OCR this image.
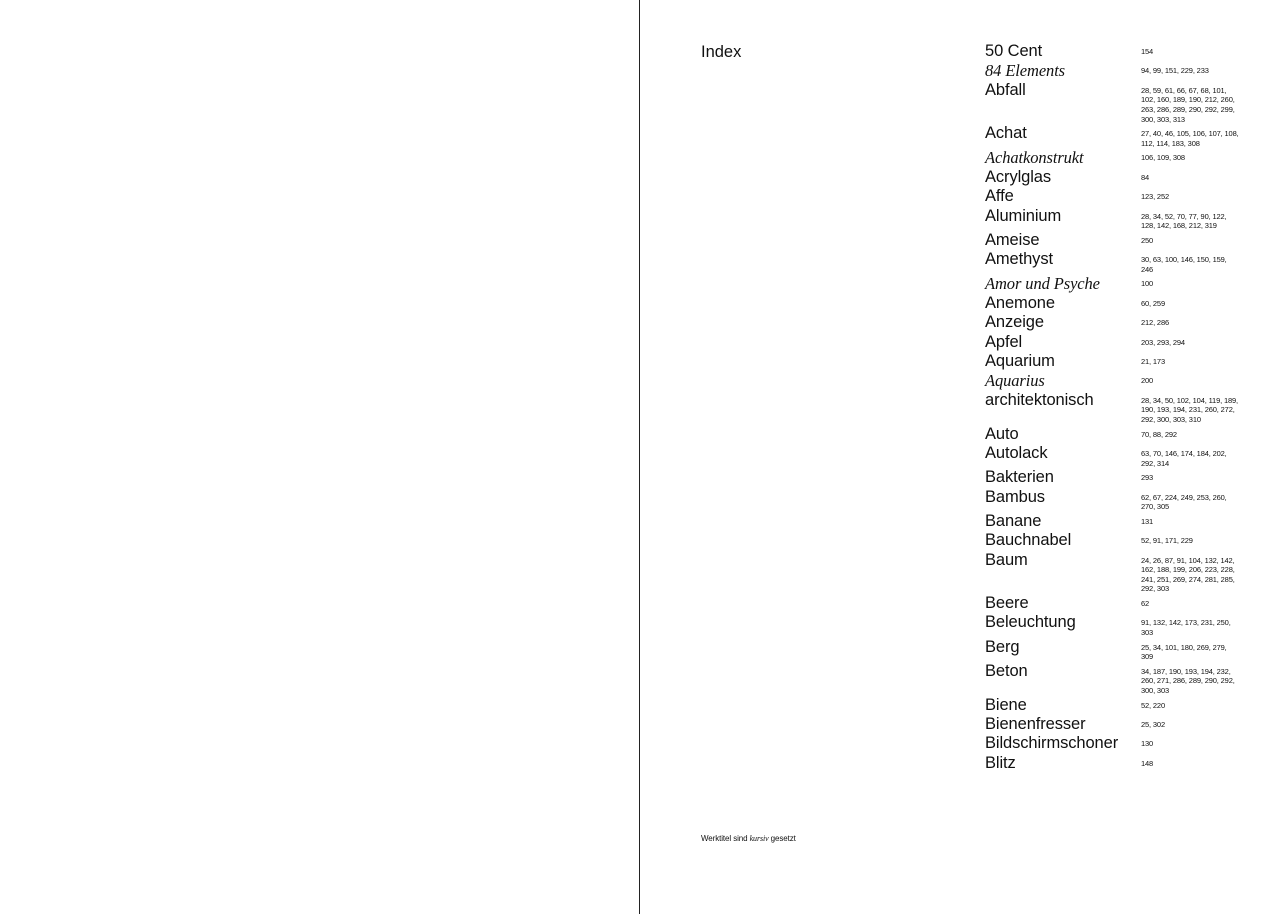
Index	50 Cent	154
84 Elements	94, 99, 151, 229, 233
Abfall	28, 59, 61, 66, 67, 68, 101, 102, 160, 189, 190, 212, 260, 263, 286, 289, 290, 292, 299, 300, 303, 313
Achat	27, 40, 46, 105, 106, 107, 108, 112, 114, 183, 308
Achatkonstrukt	106, 109, 308
Acrylglas	84
Affe	123, 252
Aluminium	28, 34, 52, 70, 77, 90, 122, 128, 142, 168, 212, 319
Ameise	250
Amethyst	30, 63, 100, 146, 150, 159, 246
Amor und Psyche	100
Anemone	60, 259
Anzeige	212, 286
Apfel	203, 293, 294
Aquarium	21, 173
Aquarius	200
architektonisch	28, 34, 50, 102, 104, 119, 189, 190, 193, 194, 231, 260, 272, 292, 300, 303, 310
Auto	70, 88, 292
Autolack	63, 70, 146, 174, 184, 202, 292, 314
Bakterien	293
Bambus	62, 67, 224, 249, 253, 260, 270, 305
Banane	131
Bauchnabel	52, 91, 171, 229
Baum	24, 26, 87, 91, 104, 132, 142, 162, 188, 199, 206, 223, 228, 241, 251, 269, 274, 281, 285, 292, 303
Beere	62
Beleuchtung	91, 132, 142, 173, 231, 250, 303
Berg	25, 34, 101, 180, 269, 279, 309
Beton	34, 187, 190, 193, 194, 232, 260, 271, 286, 289, 290, 292, 300, 303
Biene	52, 220
Bienenfresser	25, 302
Bildschirmschoner	130
Blitz	148
Werktitel sind kursiv gesetzt
